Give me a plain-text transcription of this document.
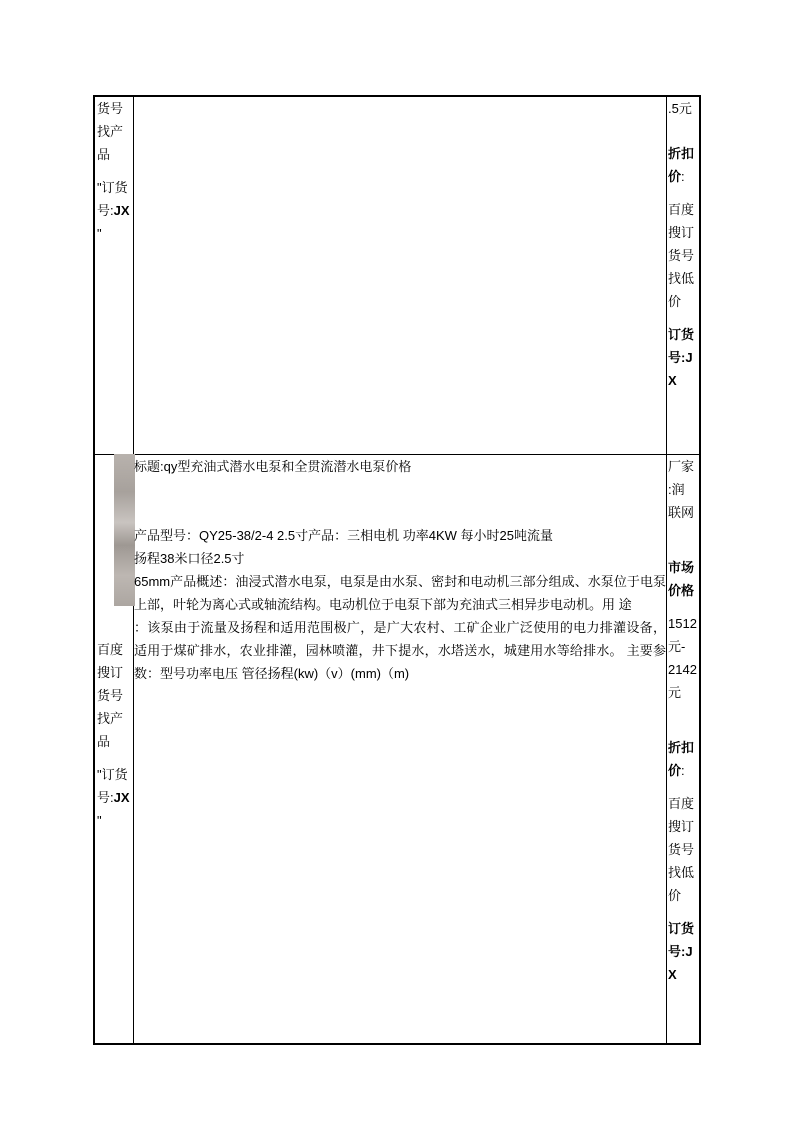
货号
找产
品
"订货
号:JX
"
.5元
折扣
价:
百度
搜订
货号
找低
价
订货
号:J
X
百度
搜订
货号
找产
品
"订货
号:JX
"

标题:qy型充油式潜水电泵和全贯流潜水电泵价格

产品型号：QY25-38/2-4 2.5寸产品：三相电机 功率4KW 每小时25吨流量

扬程38米口径2.5寸

65mm产品概述：油浸式潜水电泵，电泵是由水泵、密封和电动机三部分组成、水泵位于电泵上部，叶轮为离心式或轴流结构。电动机位于电泵下部为充油式三相异步电动机。用 途

：该泵由于流量及扬程和适用范围极广，是广大农村、工矿企业广泛使用的电力排灌设备，适用于煤矿排水，农业排灌，园林喷灌，井下提水，水塔送水，城建用水等给排水。 主要参数：型号功率电压 管径扬程(kw)（v）(mm)（m)

厂家
:润
联网
市场
价格
1512
元-
2142
元
折扣
价:
百度
搜订
货号
找低
价
订货
号:J
X
